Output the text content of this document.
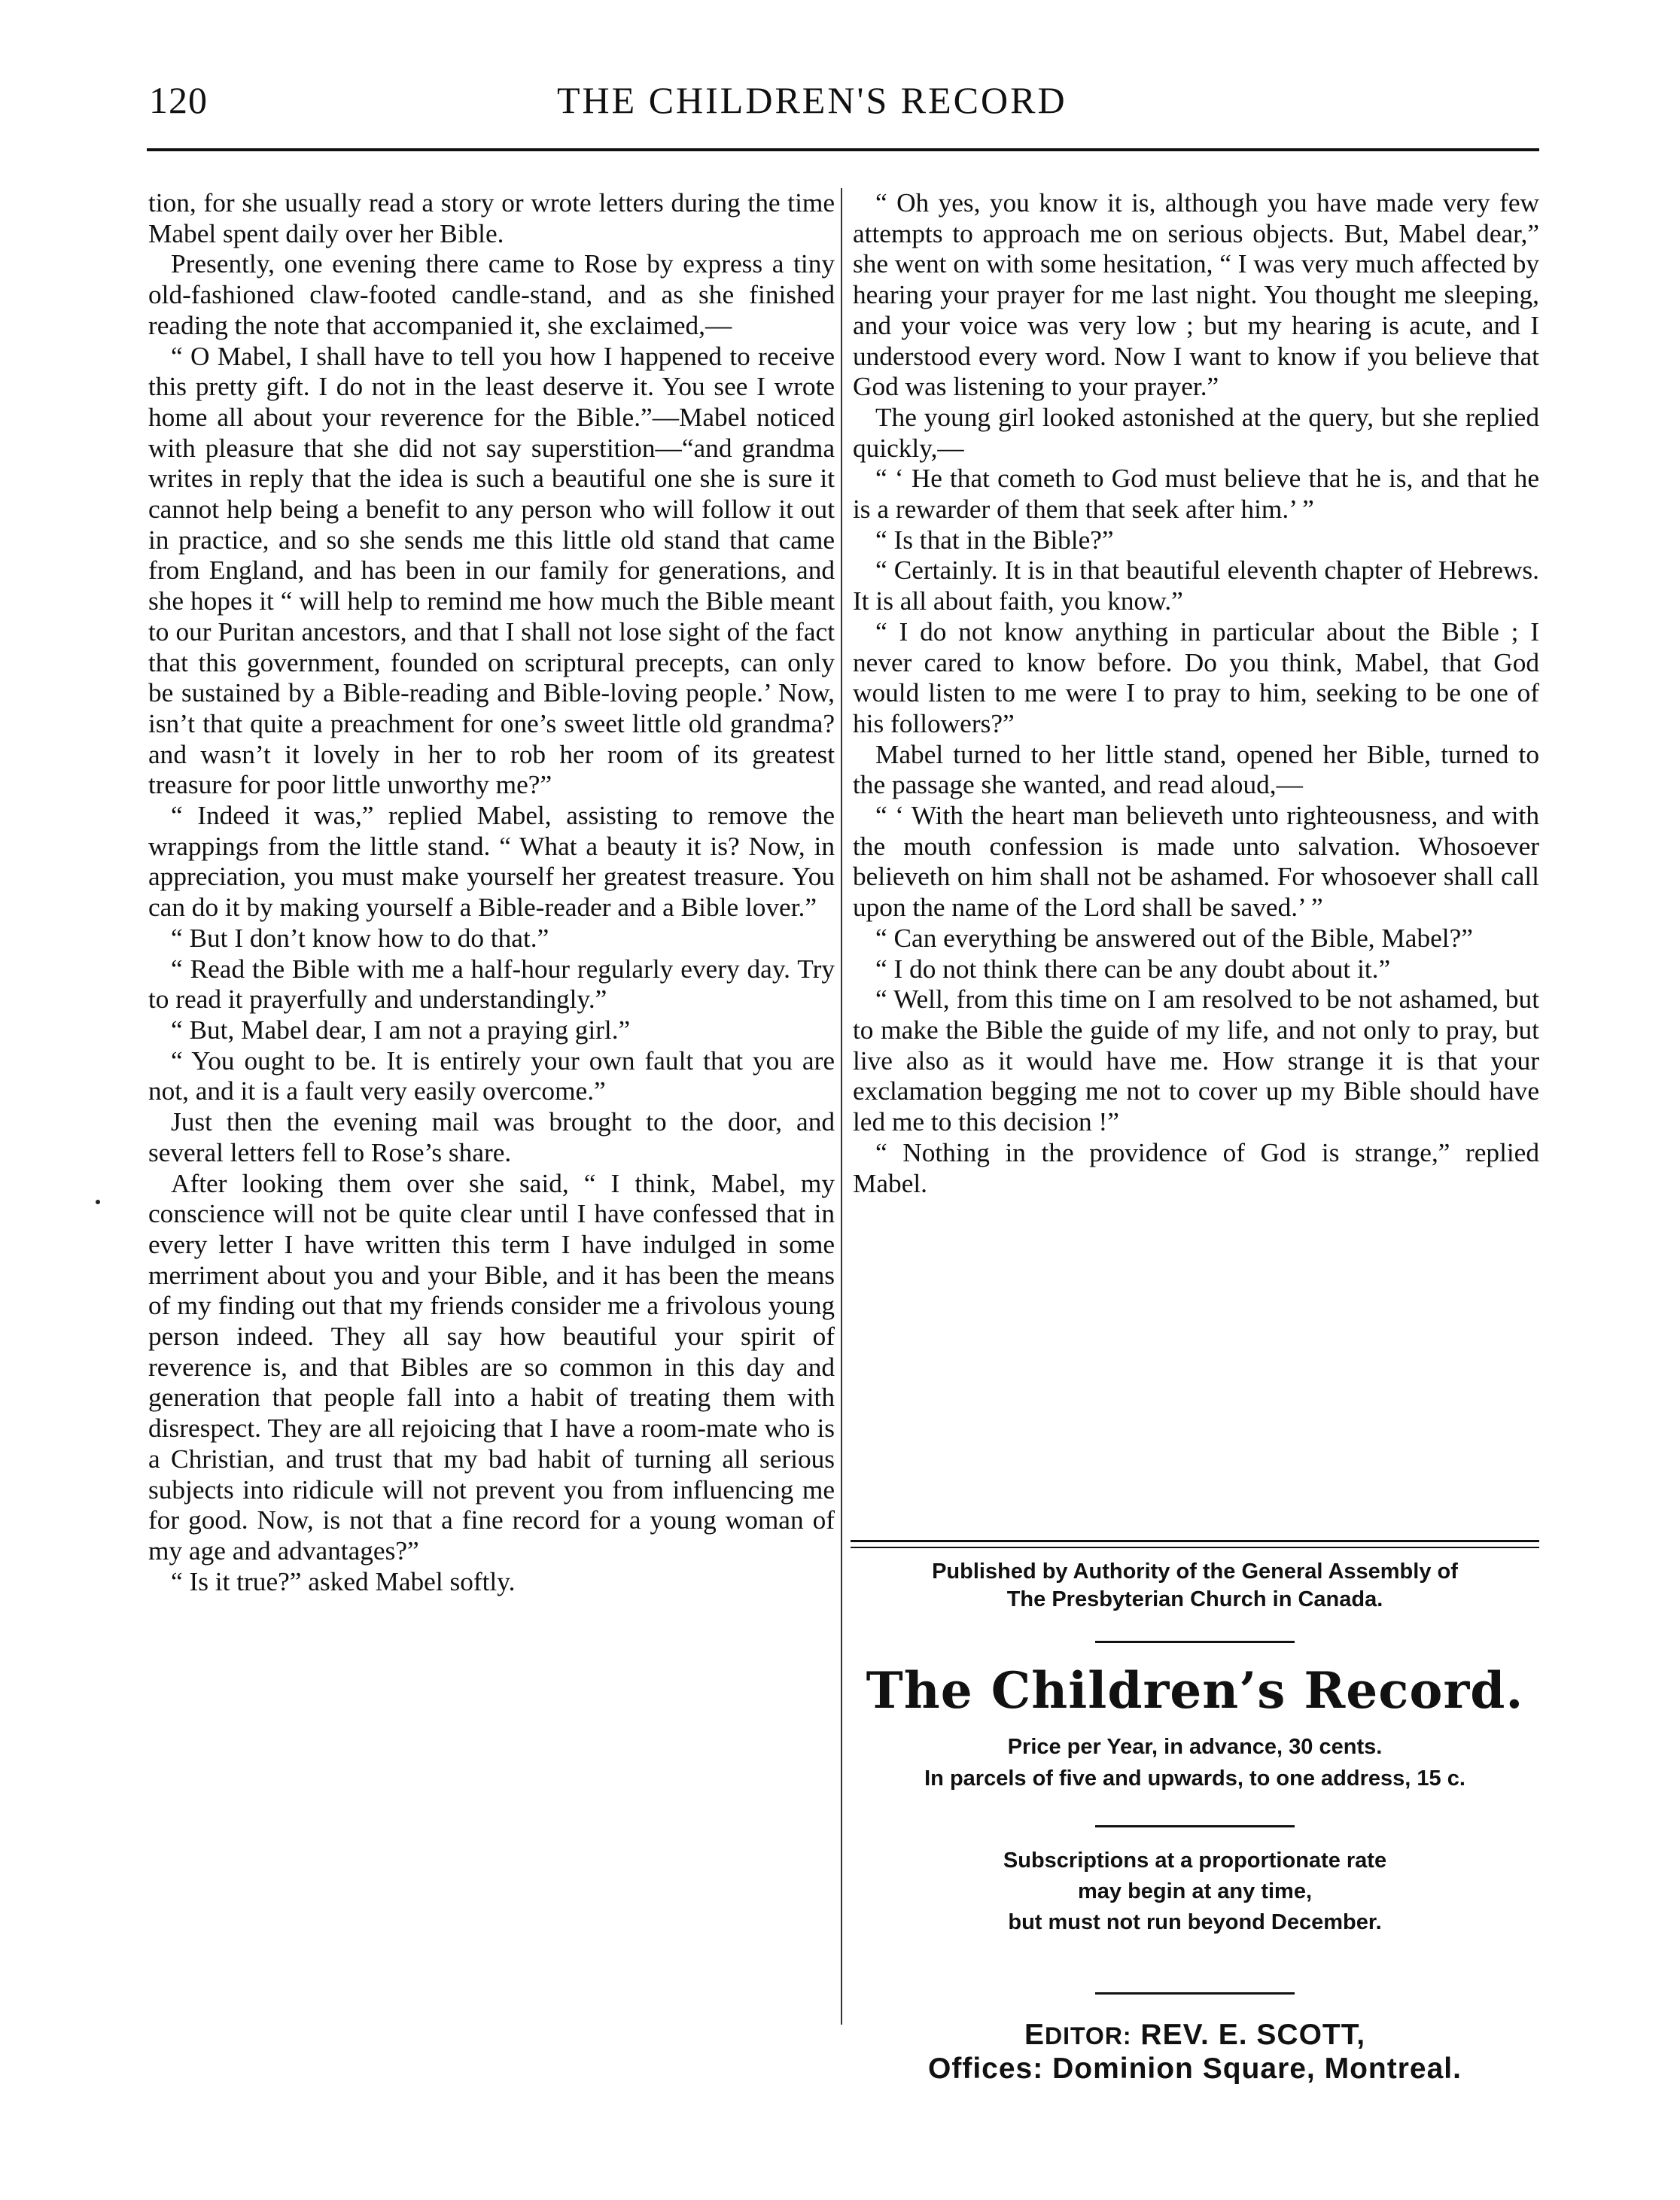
120	THE CHILDREN'S RECORD

tion, for she usually read a story or wrote letters during the time Mabel spent daily over her Bible.

Presently, one evening there came to Rose by express a tiny old-fashioned claw-footed candle-stand, and as she finished reading the note that accompanied it, she exclaimed,—

“ O Mabel, I shall have to tell you how I happened to receive this pretty gift. I do not in the least deserve it. You see I wrote home all about your reverence for the Bible.”—Mabel noticed with pleasure that she did not say superstition—“and grandma writes in reply that the idea is such a beautiful one she is sure it cannot help being a benefit to any person who will follow it out in practice, and so she sends me this little old stand that came from England, and has been in our family for generations, and she hopes it “ will help to remind me how much the Bible meant to our Puritan ancestors, and that I shall not lose sight of the fact that this government, founded on scriptural precepts, can only be sustained by a Bible-reading and Bible-loving people.’ Now, isn’t that quite a preachment for one’s sweet little old grandma? and wasn’t it lovely in her to rob her room of its greatest treasure for poor little unworthy me?”

“ Indeed it was,” replied Mabel, assisting to remove the wrappings from the little stand. “ What a beauty it is? Now, in appreciation, you must make yourself her greatest treasure. You can do it by making yourself a Bible-reader and a Bible lover.”

“ But I don’t know how to do that.”

“ Read the Bible with me a half-hour regularly every day. Try to read it prayerfully and understandingly.”

“ But, Mabel dear, I am not a praying girl.”

“ You ought to be. It is entirely your own fault that you are not, and it is a fault very easily overcome.”

Just then the evening mail was brought to the door, and several letters fell to Rose’s share.

After looking them over she said, “ I think, Mabel, my conscience will not be quite clear until I have confessed that in every letter I have written this term I have indulged in some merriment about you and your Bible, and it has been the means of my finding out that my friends consider me a frivolous young person indeed. They all say how beautiful your spirit of reverence is, and that Bibles are so common in this day and generation that people fall into a habit of treating them with disrespect. They are all rejoicing that I have a room-mate who is a Christian, and trust that my bad habit of turning all serious subjects into ridicule will not prevent you from influencing me for good. Now, is not that a fine record for a young woman of my age and advantages?”

“ Is it true?” asked Mabel softly.

“ Oh yes, you know it is, although you have made very few attempts to approach me on serious objects. But, Mabel dear,” she went on with some hesitation, “ I was very much affected by hearing your prayer for me last night. You thought me sleeping, and your voice was very low ; but my hearing is acute, and I understood every word. Now I want to know if you believe that God was listening to your prayer.”

The young girl looked astonished at the query, but she replied quickly,—

“ ‘ He that cometh to God must believe that he is, and that he is a rewarder of them that seek after him.’ ”

“ Is that in the Bible?”

“ Certainly. It is in that beautiful eleventh chapter of Hebrews. It is all about faith, you know.”

“ I do not know anything in particular about the Bible ; I never cared to know before. Do you think, Mabel, that God would listen to me were I to pray to him, seeking to be one of his followers?”

Mabel turned to her little stand, opened her Bible, turned to the passage she wanted, and read aloud,—

“ ‘ With the heart man believeth unto righteousness, and with the mouth confession is made unto salvation. Whosoever believeth on him shall not be ashamed. For whosoever shall call upon the name of the Lord shall be saved.’ ”

“ Can everything be answered out of the Bible, Mabel?”

“ I do not think there can be any doubt about it.”

“ Well, from this time on I am resolved to be not ashamed, but to make the Bible the guide of my life, and not only to pray, but live also as it would have me. How strange it is that your exclamation begging me not to cover up my Bible should have led me to this decision !”

“ Nothing in the providence of God is strange,” replied Mabel.

Published by Authority of the General Assembly of
The Presbyterian Church in Canada.
The Children’s Record.
Price per Year, in advance, 30 cents.
In parcels of five and upwards, to one address, 15 c.
Subscriptions at a proportionate rate
may begin at any time,
but must not run beyond December.
EDITOR: REV. E. SCOTT,
Offices: Dominion Square, Montreal.
